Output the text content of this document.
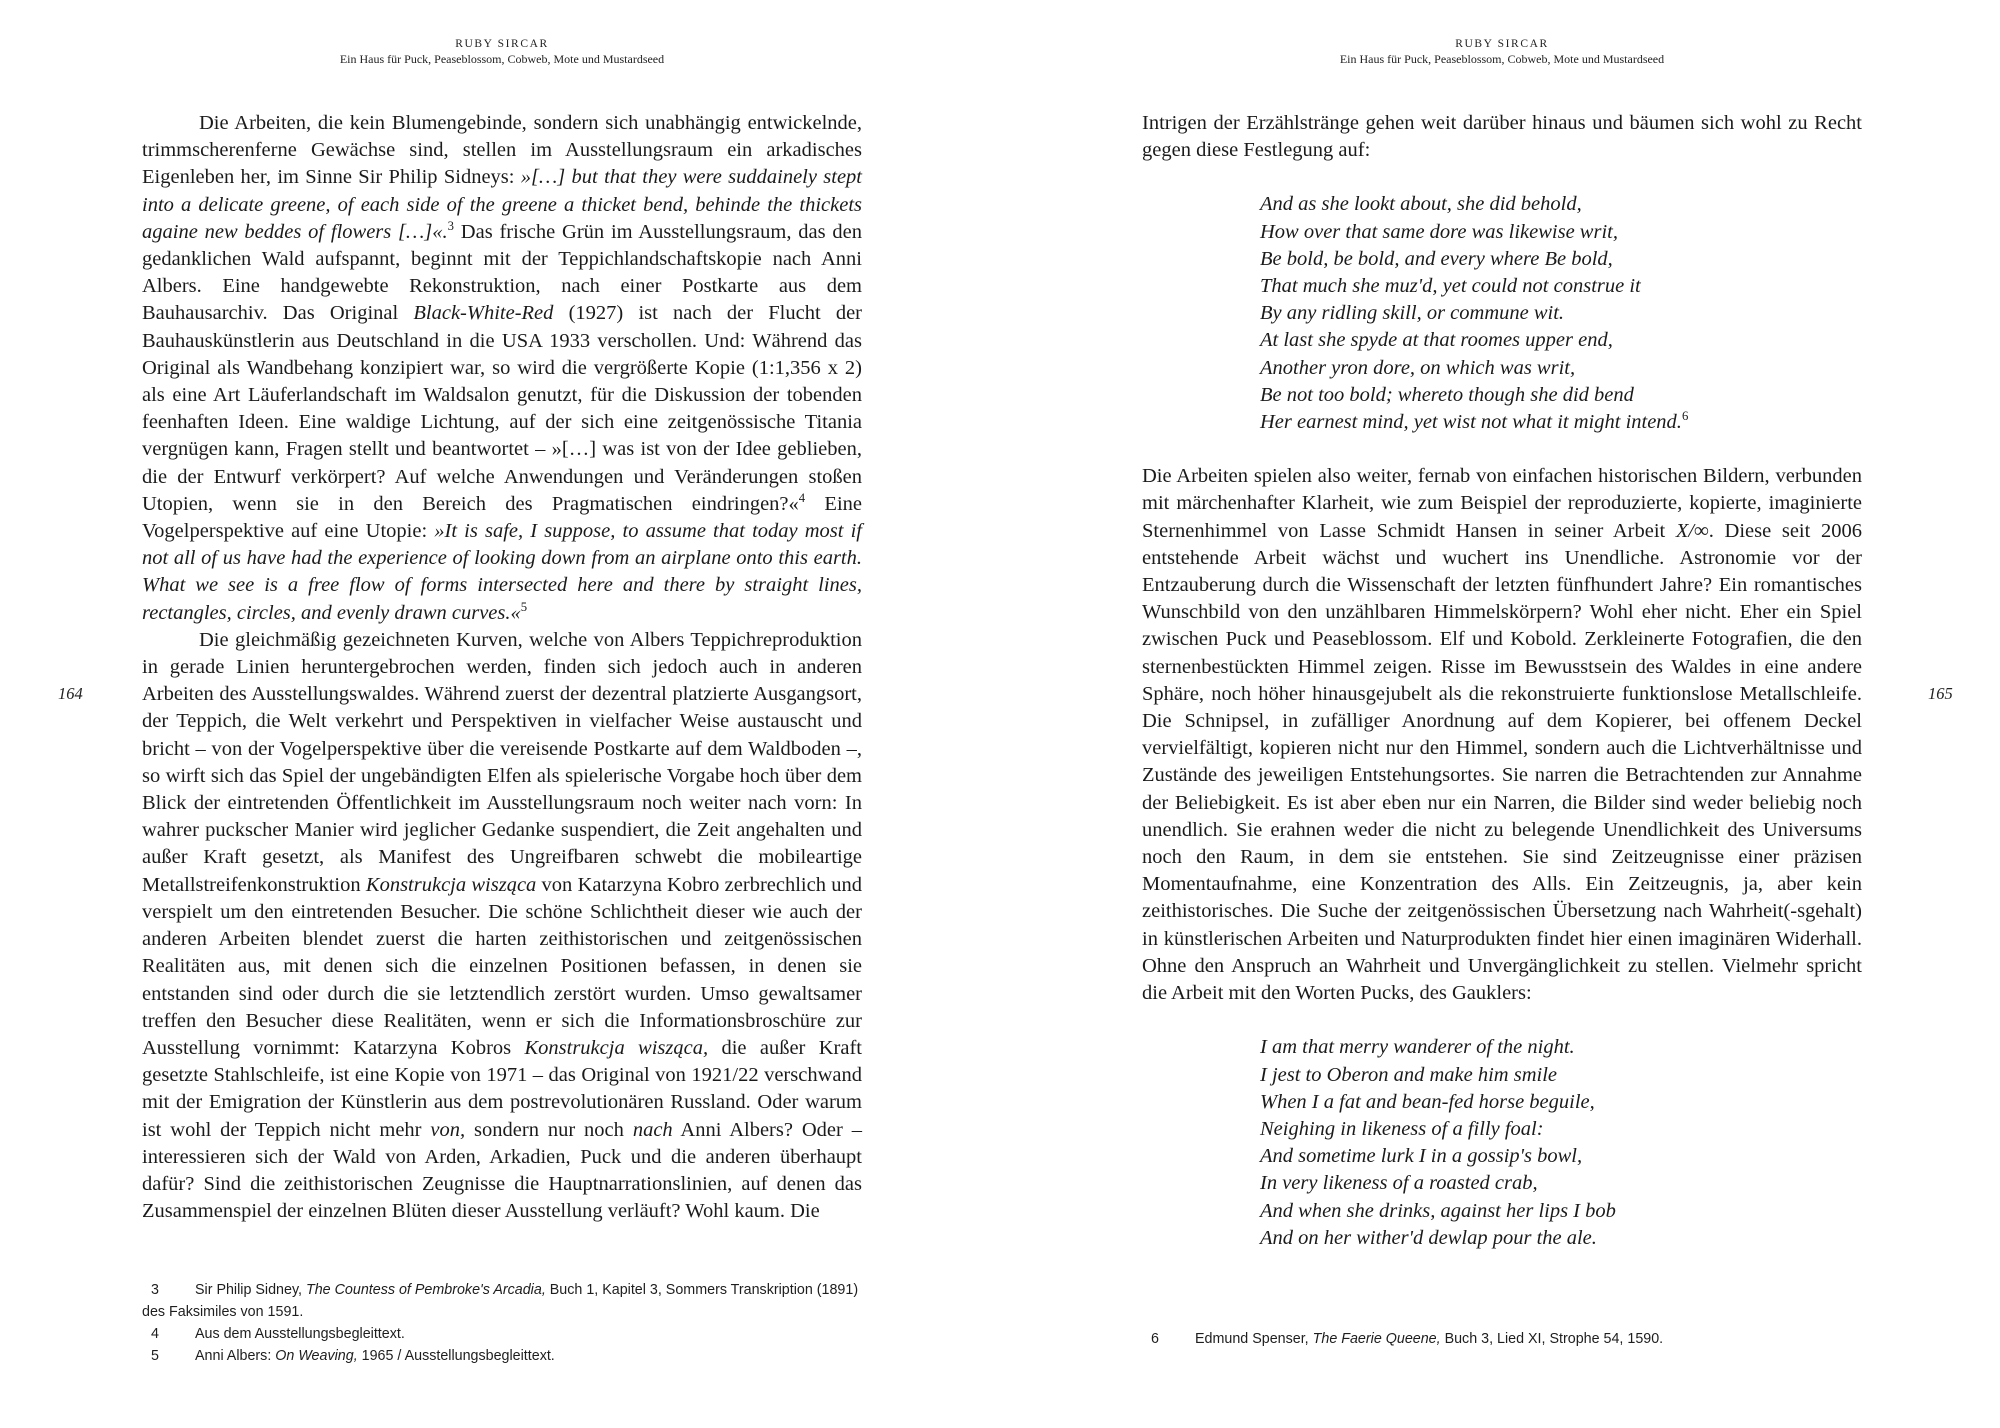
RUBY SIRCAR
Ein Haus für Puck, Peaseblossom, Cobweb, Mote und Mustardseed
164

Die Arbeiten, die kein Blumengebinde, sondern sich unabhängig entwickelnde, trimmscherenferne Gewächse sind, stellen im Ausstellungsraum ein arkadisches Eigenleben her, im Sinne Sir Philip Sidneys: »[…] but that they were suddainely stept into a delicate greene, of each side of the greene a thicket bend, behinde the thickets againe new beddes of flowers […]«.$^3$ Das frische Grün im Ausstellungsraum, das den gedanklichen Wald aufspannt, beginnt mit der Teppichlandschaftskopie nach Anni Albers. Eine handgewebte Rekonstruktion, nach einer Postkarte aus dem Bauhausarchiv. Das Original Black-White-Red (1927) ist nach der Flucht der Bauhauskünstlerin aus Deutschland in die USA 1933 verschollen. Und: Während das Original als Wandbehang konzipiert war, so wird die vergrößerte Kopie (1:1,356 x 2) als eine Art Läuferlandschaft im Waldsalon genutzt, für die Diskussion der tobenden feenhaften Ideen. Eine waldige Lichtung, auf der sich eine zeitgenössische Titania vergnügen kann, Fragen stellt und beantwortet – »[…] was ist von der Idee geblieben, die der Entwurf verkörpert? Auf welche Anwendungen und Veränderungen stoßen Utopien, wenn sie in den Bereich des Pragmatischen eindringen?«$^4$ Eine Vogelperspektive auf eine Utopie: »It is safe, I suppose, to assume that today most if not all of us have had the experience of looking down from an airplane onto this earth. What we see is a free flow of forms intersected here and there by straight lines, rectangles, circles, and evenly drawn curves.«$^5$

Die gleichmäßig gezeichneten Kurven, welche von Albers Teppichreproduktion in gerade Linien heruntergebrochen werden, finden sich jedoch auch in anderen Arbeiten des Ausstellungswaldes. Während zuerst der dezentral platzierte Ausgangsort, der Teppich, die Welt verkehrt und Perspektiven in vielfacher Weise austauscht und bricht – von der Vogelperspektive über die vereisende Postkarte auf dem Waldboden –, so wirft sich das Spiel der ungebändigten Elfen als spielerische Vorgabe hoch über dem Blick der eintretenden Öffentlichkeit im Ausstellungsraum noch weiter nach vorn: In wahrer puckscher Manier wird jeglicher Gedanke suspendiert, die Zeit angehalten und außer Kraft gesetzt, als Manifest des Ungreifbaren schwebt die mobileartige Metallstreifenkonstruktion Konstrukcja wisząca von Katarzyna Kobro zerbrechlich und verspielt um den eintretenden Besucher. Die schöne Schlichtheit dieser wie auch der anderen Arbeiten blendet zuerst die harten zeithistorischen und zeitgenössischen Realitäten aus, mit denen sich die einzelnen Positionen befassen, in denen sie entstanden sind oder durch die sie letztendlich zerstört wurden. Umso gewaltsamer treffen den Besucher diese Realitäten, wenn er sich die Informationsbroschüre zur Ausstellung vornimmt: Katarzyna Kobros Konstrukcja wisząca, die außer Kraft gesetzte Stahlschleife, ist eine Kopie von 1971 – das Original von 1921/22 verschwand mit der Emigration der Künstlerin aus dem postrevolutionären Russland. Oder warum ist wohl der Teppich nicht mehr von, sondern nur noch nach Anni Albers? Oder – interessieren sich der Wald von Arden, Arkadien, Puck und die anderen überhaupt dafür? Sind die zeithistorischen Zeugnisse die Hauptnarrationslinien, auf denen das Zusammenspiel der einzelnen Blüten dieser Ausstellung verläuft? Wohl kaum. Die

3	Sir Philip Sidney, The Countess of Pembroke's Arcadia, Buch 1, Kapitel 3, Sommers Transkription (1891) des Faksimiles von 1591.
4	Aus dem Ausstellungsbegleittext.
5	Anni Albers: On Weaving, 1965 / Ausstellungsbegleittext.
RUBY SIRCAR
Ein Haus für Puck, Peaseblossom, Cobweb, Mote und Mustardseed
165

Intrigen der Erzählstränge gehen weit darüber hinaus und bäumen sich wohl zu Recht gegen diese Festlegung auf:

And as she lookt about, she did behold,
How over that same dore was likewise writ,
Be bold, be bold, and every where Be bold,
That much she muz'd, yet could not construe it
By any ridling skill, or commune wit.
At last she spyde at that roomes upper end,
Another yron dore, on which was writ,
Be not too bold; whereto though she did bend
Her earnest mind, yet wist not what it might intend.$^6$

Die Arbeiten spielen also weiter, fernab von einfachen historischen Bildern, verbunden mit märchenhafter Klarheit, wie zum Beispiel der reproduzierte, kopierte, imaginierte Sternenhimmel von Lasse Schmidt Hansen in seiner Arbeit X/∞. Diese seit 2006 entstehende Arbeit wächst und wuchert ins Unendliche. Astronomie vor der Entzauberung durch die Wissenschaft der letzten fünfhundert Jahre? Ein romantisches Wunschbild von den unzählbaren Himmelskörpern? Wohl eher nicht. Eher ein Spiel zwischen Puck und Peaseblossom. Elf und Kobold. Zerkleinerte Fotografien, die den sternenbestückten Himmel zeigen. Risse im Bewusstsein des Waldes in eine andere Sphäre, noch höher hinausgejubelt als die rekonstruierte funktionslose Metallschleife. Die Schnipsel, in zufälliger Anordnung auf dem Kopierer, bei offenem Deckel vervielfältigt, kopieren nicht nur den Himmel, sondern auch die Lichtverhältnisse und Zustände des jeweiligen Entstehungsortes. Sie narren die Betrachtenden zur Annahme der Beliebigkeit. Es ist aber eben nur ein Narren, die Bilder sind weder beliebig noch unendlich. Sie erahnen weder die nicht zu belegende Unendlichkeit des Universums noch den Raum, in dem sie entstehen. Sie sind Zeitzeugnisse einer präzisen Momentaufnahme, eine Konzentration des Alls. Ein Zeitzeugnis, ja, aber kein zeithistorisches. Die Suche der zeitgenössischen Übersetzung nach Wahrheit(-sgehalt) in künstlerischen Arbeiten und Naturprodukten findet hier einen imaginären Widerhall. Ohne den Anspruch an Wahrheit und Unvergänglichkeit zu stellen. Vielmehr spricht die Arbeit mit den Worten Pucks, des Gauklers:

I am that merry wanderer of the night.
I jest to Oberon and make him smile
When I a fat and bean-fed horse beguile,
Neighing in likeness of a filly foal:
And sometime lurk I in a gossip's bowl,
In very likeness of a roasted crab,
And when she drinks, against her lips I bob
And on her wither'd dewlap pour the ale.
6	Edmund Spenser, The Faerie Queene, Buch 3, Lied XI, Strophe 54, 1590.
